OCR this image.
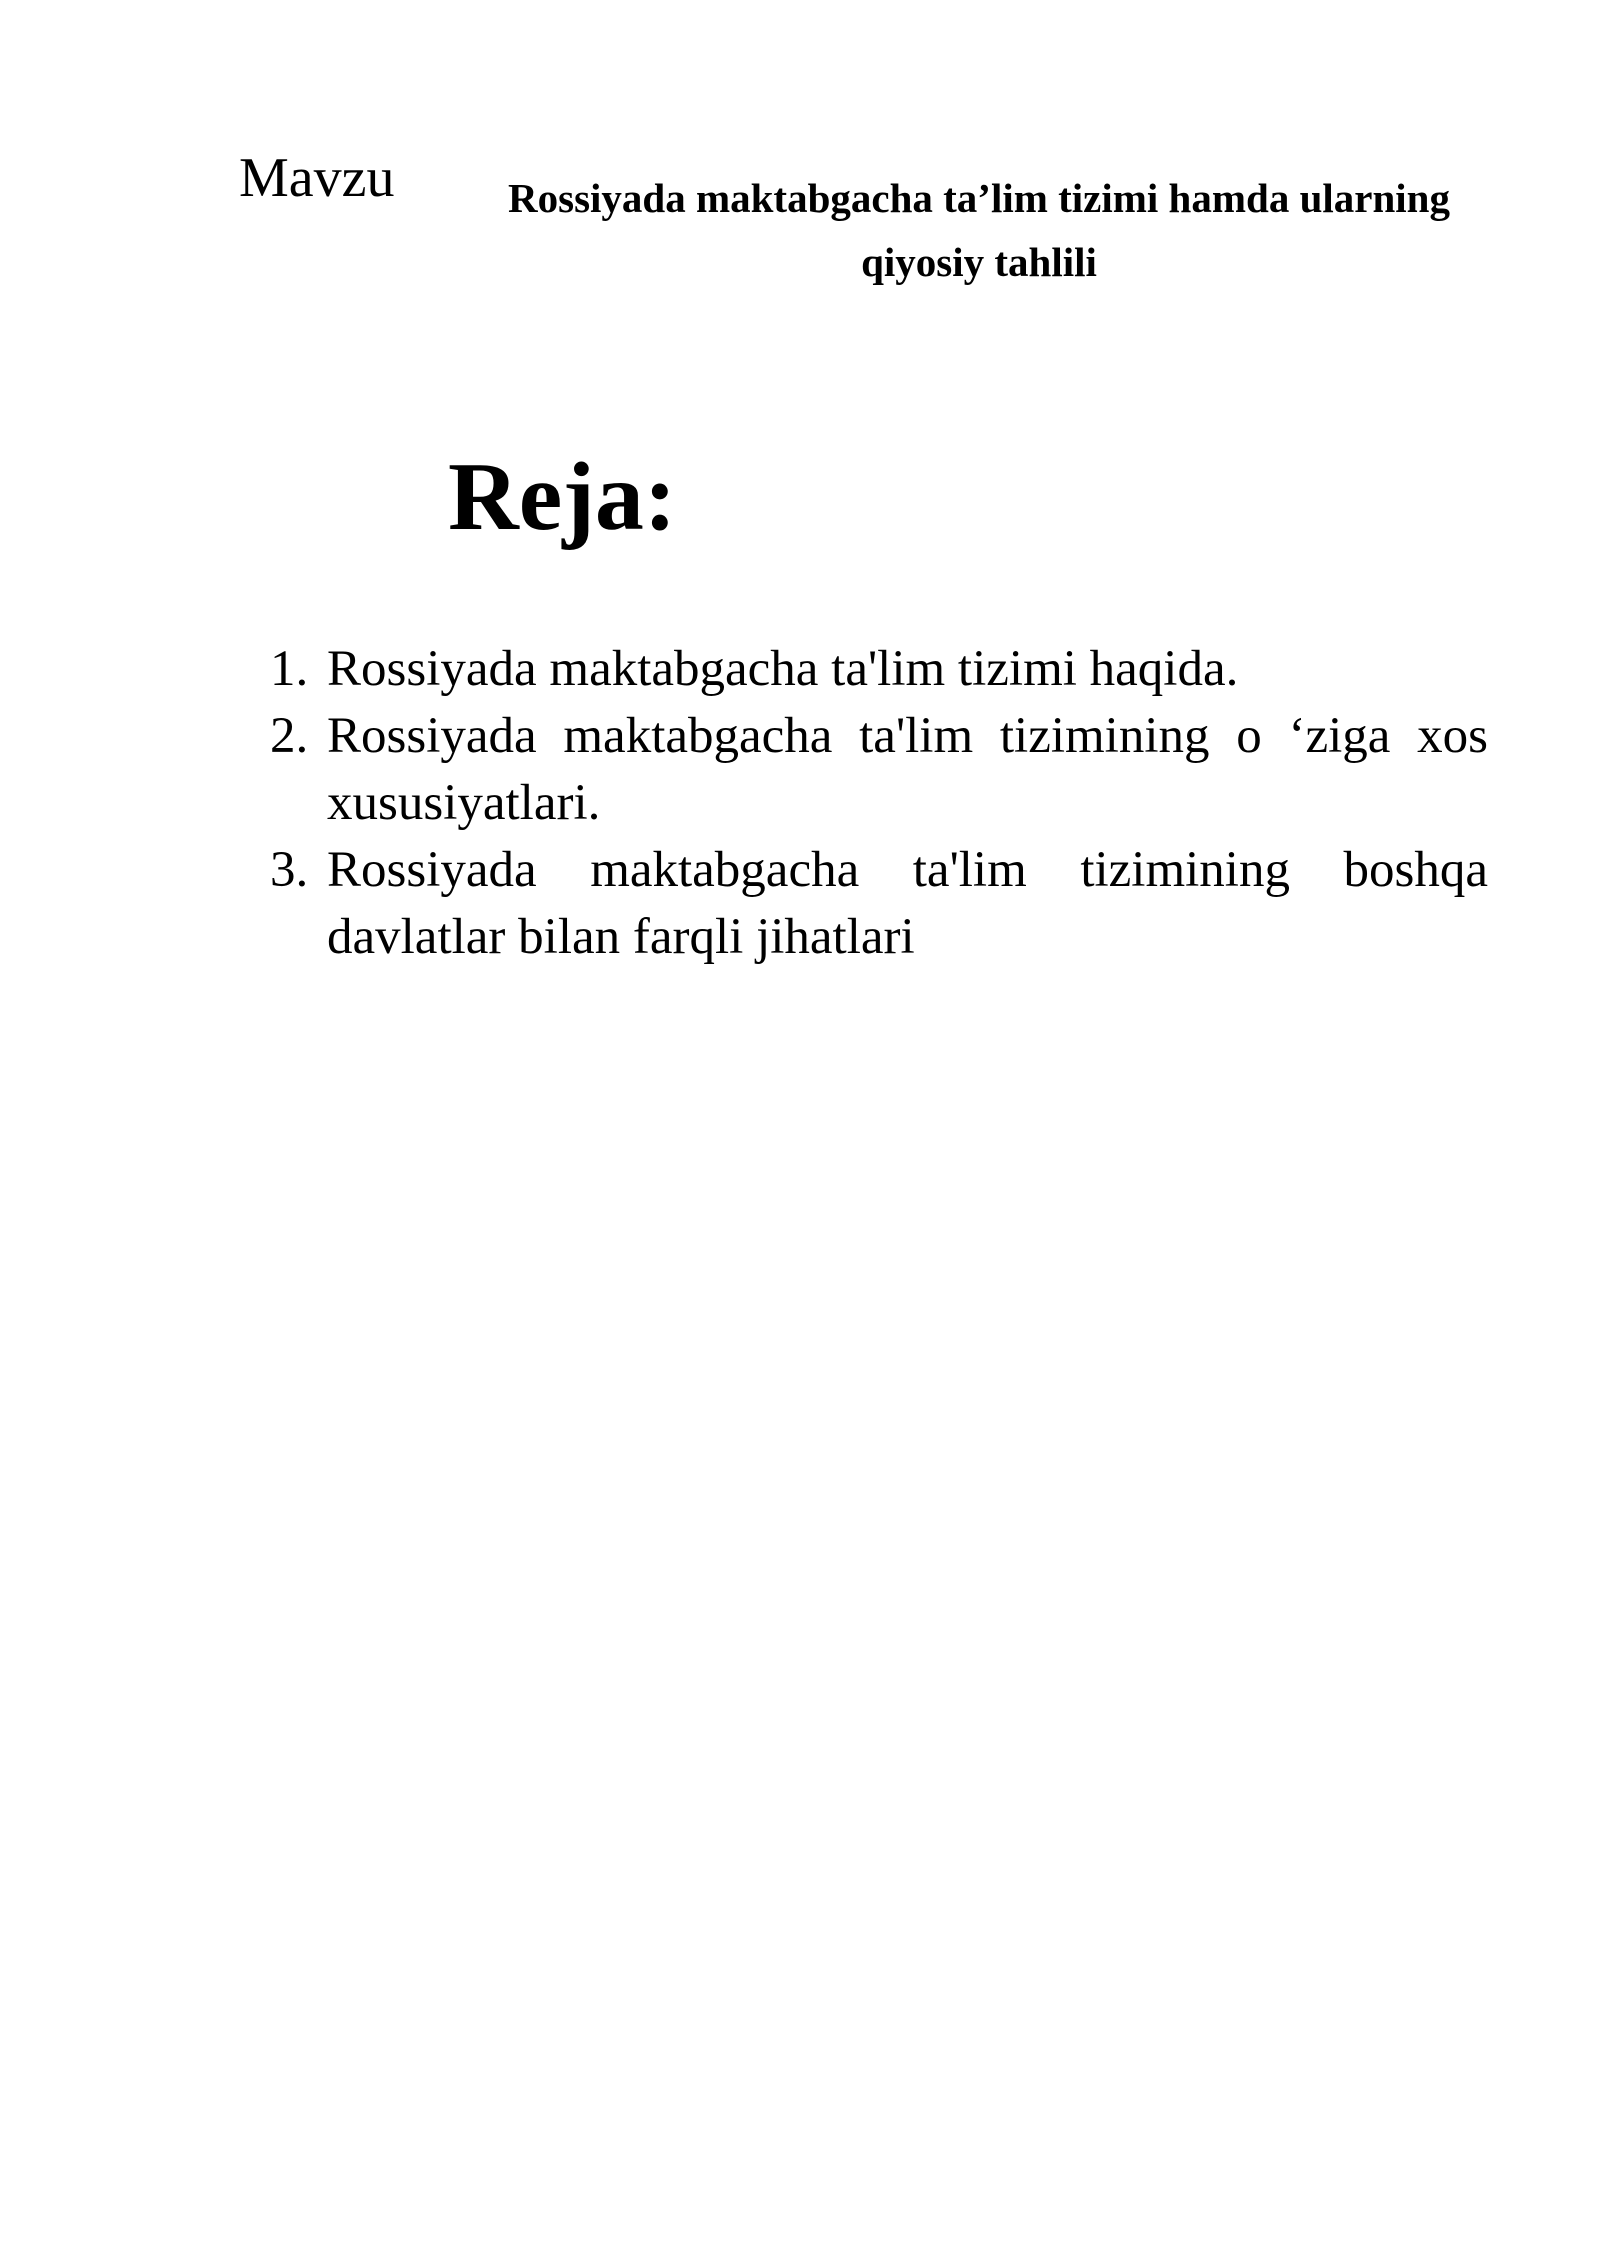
Mavzu	Rossiyada maktabgacha ta’lim tizimi hamda ularning qiyosiy tahlili
Reja:
1. Rossiyada maktabgacha ta'lim tizimi haqida.
2. Rossiyada maktabgacha ta'lim tizimining o ‘ziga xos xususiyatlari.
3. Rossiyada maktabgacha ta'lim tizimining boshqa davlatlar bilan farqli jihatlari
